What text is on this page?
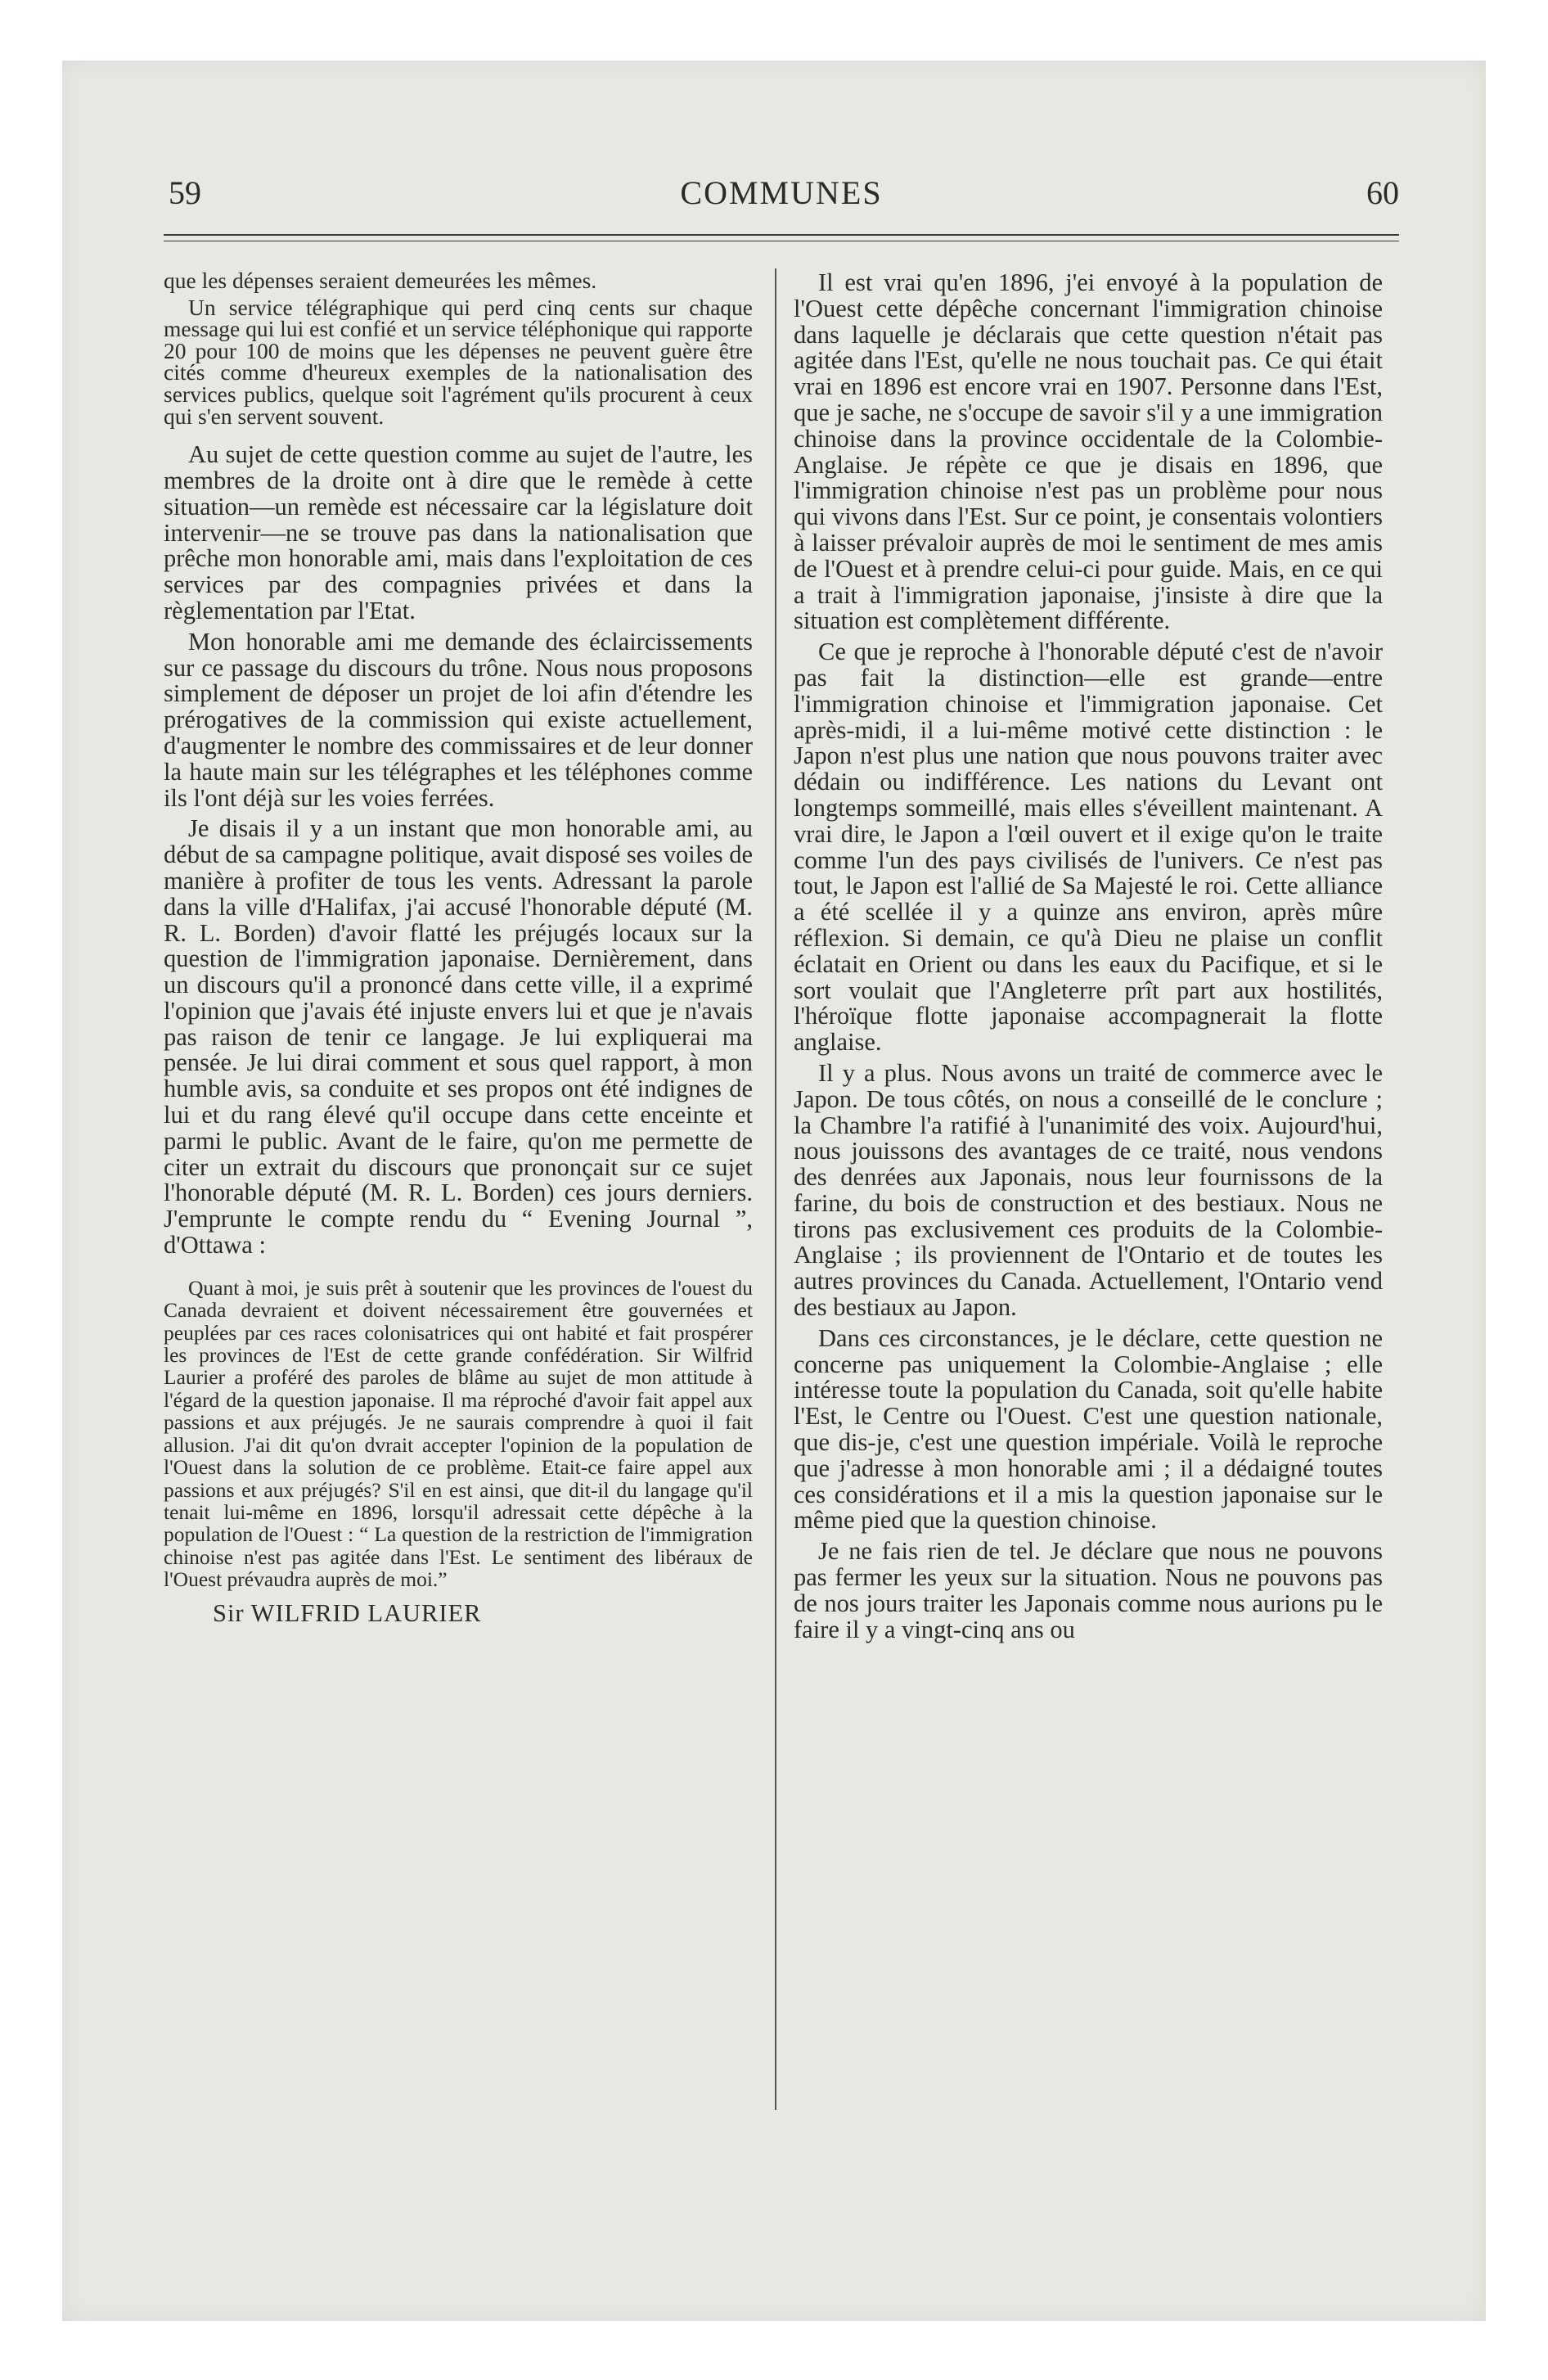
59	COMMUNES	60

que les dépenses seraient demeurées les mêmes.

Un service télégraphique qui perd cinq cents sur chaque message qui lui est confié et un service téléphonique qui rapporte 20 pour 100 de moins que les dépenses ne peuvent guère être cités comme d'heureux exemples de la nationalisation des services publics, quelque soit l'agrément qu'ils procurent à ceux qui s'en servent souvent.

Au sujet de cette question comme au sujet de l'autre, les membres de la droite ont à dire que le remède à cette situation—un remède est nécessaire car la législature doit intervenir—ne se trouve pas dans la nationalisation que prêche mon honorable ami, mais dans l'exploitation de ces services par des compagnies privées et dans la règlementation par l'Etat.

Mon honorable ami me demande des éclaircissements sur ce passage du discours du trône. Nous nous proposons simplement de déposer un projet de loi afin d'étendre les prérogatives de la commission qui existe actuellement, d'augmenter le nombre des commissaires et de leur donner la haute main sur les télégraphes et les téléphones comme ils l'ont déjà sur les voies ferrées.

Je disais il y a un instant que mon honorable ami, au début de sa campagne politique, avait disposé ses voiles de manière à profiter de tous les vents. Adressant la parole dans la ville d'Halifax, j'ai accusé l'honorable député (M. R. L. Borden) d'avoir flatté les préjugés locaux sur la question de l'immigration japonaise. Dernièrement, dans un discours qu'il a prononcé dans cette ville, il a exprimé l'opinion que j'avais été injuste envers lui et que je n'avais pas raison de tenir ce langage. Je lui expliquerai ma pensée. Je lui dirai comment et sous quel rapport, à mon humble avis, sa conduite et ses propos ont été indignes de lui et du rang élevé qu'il occupe dans cette enceinte et parmi le public. Avant de le faire, qu'on me permette de citer un extrait du discours que prononçait sur ce sujet l'honorable député (M. R. L. Borden) ces jours derniers. J'emprunte le compte rendu du “ Evening Journal ”, d'Ottawa :

Quant à moi, je suis prêt à soutenir que les provinces de l'ouest du Canada devraient et doivent nécessairement être gouvernées et peuplées par ces races colonisatrices qui ont habité et fait prospérer les provinces de l'Est de cette grande confédération. Sir Wilfrid Laurier a proféré des paroles de blâme au sujet de mon attitude à l'égard de la question japonaise. Il ma réproché d'avoir fait appel aux passions et aux préjugés. Je ne saurais comprendre à quoi il fait allusion. J'ai dit qu'on dvrait accepter l'opinion de la population de l'Ouest dans la solution de ce problème. Etait-ce faire appel aux passions et aux préjugés? S'il en est ainsi, que dit-il du langage qu'il tenait lui-même en 1896, lorsqu'il adressait cette dépêche à la population de l'Ouest : “ La question de la restriction de l'immigration chinoise n'est pas agitée dans l'Est. Le sentiment des libéraux de l'Ouest prévaudra auprès de moi.”

Sir WILFRID LAURIER

Il est vrai qu'en 1896, j'ei envoyé à la population de l'Ouest cette dépêche concernant l'immigration chinoise dans laquelle je déclarais que cette question n'était pas agitée dans l'Est, qu'elle ne nous touchait pas. Ce qui était vrai en 1896 est encore vrai en 1907. Personne dans l'Est, que je sache, ne s'occupe de savoir s'il y a une immigration chinoise dans la province occidentale de la Colombie-Anglaise. Je répète ce que je disais en 1896, que l'immigration chinoise n'est pas un problème pour nous qui vivons dans l'Est. Sur ce point, je consentais volontiers à laisser prévaloir auprès de moi le sentiment de mes amis de l'Ouest et à prendre celui-ci pour guide. Mais, en ce qui a trait à l'immigration japonaise, j'insiste à dire que la situation est complètement différente.

Ce que je reproche à l'honorable député c'est de n'avoir pas fait la distinction—elle est grande—entre l'immigration chinoise et l'immigration japonaise. Cet après-midi, il a lui-même motivé cette distinction : le Japon n'est plus une nation que nous pouvons traiter avec dédain ou indifférence. Les nations du Levant ont longtemps sommeillé, mais elles s'éveillent maintenant. A vrai dire, le Japon a l'œil ouvert et il exige qu'on le traite comme l'un des pays civilisés de l'univers. Ce n'est pas tout, le Japon est l'allié de Sa Majesté le roi. Cette alliance a été scellée il y a quinze ans environ, après mûre réflexion. Si demain, ce qu'à Dieu ne plaise un conflit éclatait en Orient ou dans les eaux du Pacifique, et si le sort voulait que l'Angleterre prît part aux hostilités, l'héroïque flotte japonaise accompagnerait la flotte anglaise.

Il y a plus. Nous avons un traité de commerce avec le Japon. De tous côtés, on nous a conseillé de le conclure ; la Chambre l'a ratifié à l'unanimité des voix. Aujourd'hui, nous jouissons des avantages de ce traité, nous vendons des denrées aux Japonais, nous leur fournissons de la farine, du bois de construction et des bestiaux. Nous ne tirons pas exclusivement ces produits de la Colombie-Anglaise ; ils proviennent de l'Ontario et de toutes les autres provinces du Canada. Actuellement, l'Ontario vend des bestiaux au Japon.

Dans ces circonstances, je le déclare, cette question ne concerne pas uniquement la Colombie-Anglaise ; elle intéresse toute la population du Canada, soit qu'elle habite l'Est, le Centre ou l'Ouest. C'est une question nationale, que dis-je, c'est une question impériale. Voilà le reproche que j'adresse à mon honorable ami ; il a dédaigné toutes ces considérations et il a mis la question japonaise sur le même pied que la question chinoise.

Je ne fais rien de tel. Je déclare que nous ne pouvons pas fermer les yeux sur la situation. Nous ne pouvons pas de nos jours traiter les Japonais comme nous aurions pu le faire il y a vingt-cinq ans ou
